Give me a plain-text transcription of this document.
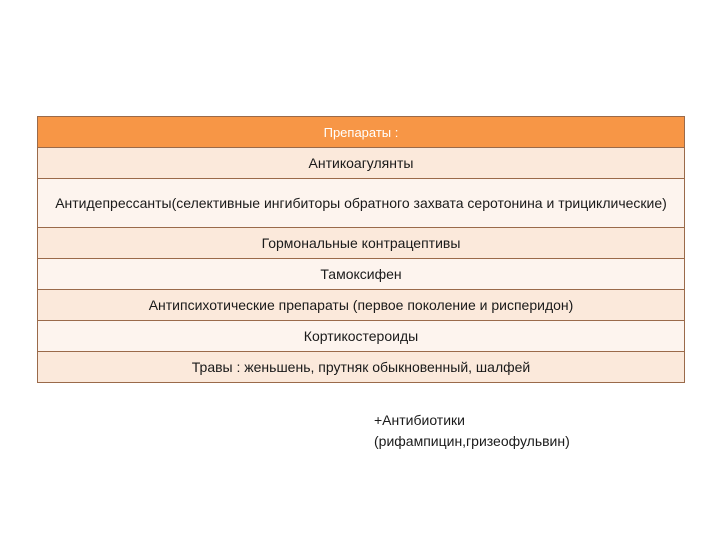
Препараты :
Антикоагулянты
Антидепрессанты(селективные ингибиторы обратного захвата серотонина и трициклические)
Гормональные контрацептивы
Тамоксифен
Антипсихотические препараты (первое поколение и рисперидон)
Кортикостероиды
Травы : женьшень, прутняк обыкновенный, шалфей
+Антибиотики
(рифампицин,гризеофульвин)
